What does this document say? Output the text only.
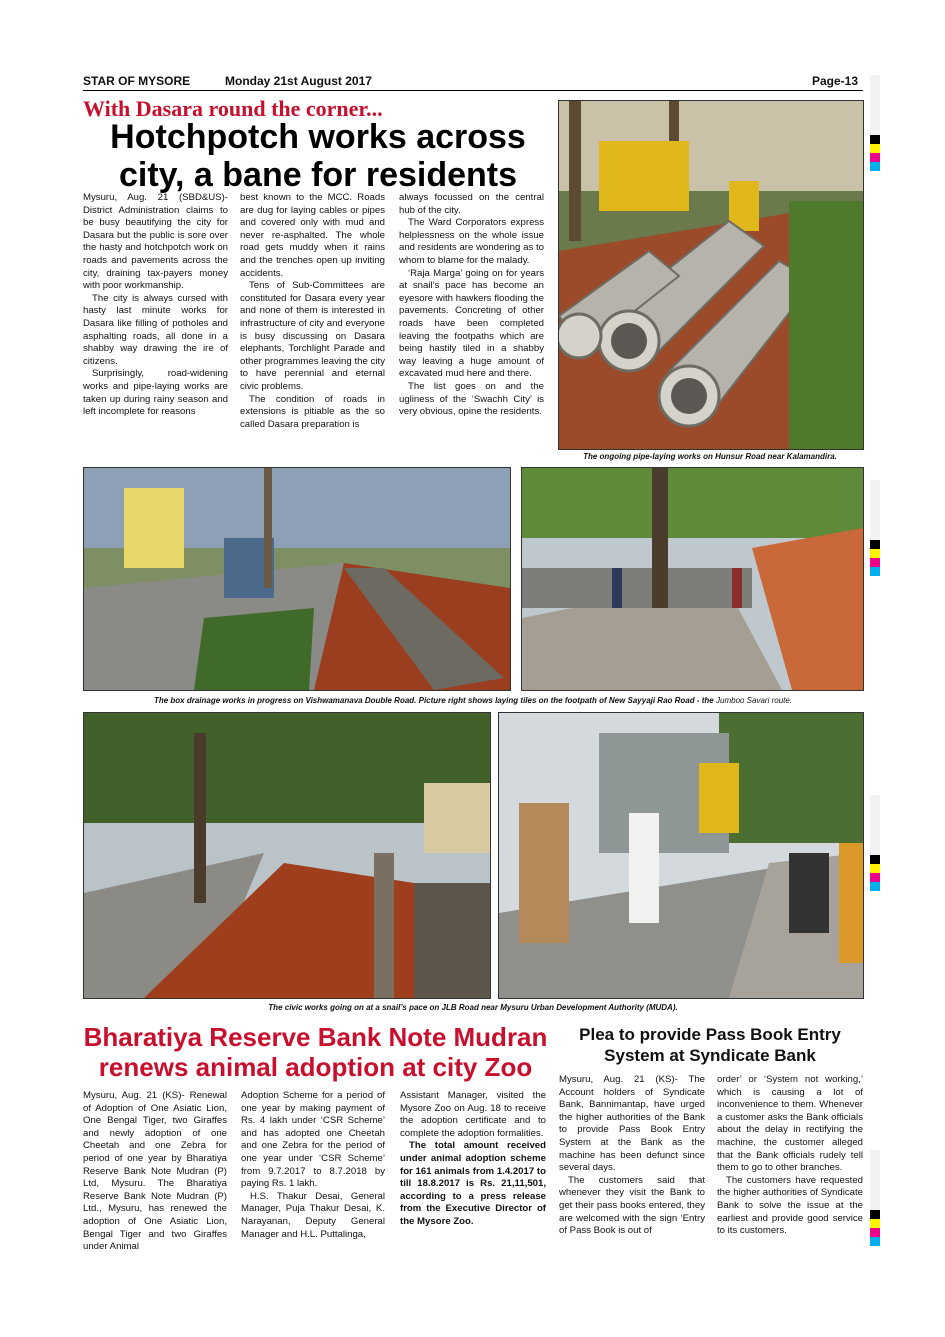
STAR OF MYSORE	Monday 21st August 2017	Page-13
With Dasara round the corner...
Hotchpotch works across
city, a bane for residents

Mysuru, Aug. 21 (SBD&US)- District Administration claims to be busy beautifying the city for Dasara but the public is sore over the hasty and hotchpotch work on roads and pavements across the city, draining tax-payers money with poor workmanship.

The city is always cursed with hasty last minute works for Dasara like filling of potholes and asphalting roads, all done in a shabby way drawing the ire of citizens.

Surprisingly, road-widening works and pipe-laying works are taken up during rainy season and left incomplete for reasons

best known to the MCC. Roads are dug for laying cables or pipes and covered only with mud and never re-asphalted. The whole road gets muddy when it rains and the trenches open up inviting accidents.

Tens of Sub-Committees are constituted for Dasara every year and none of them is interested in infrastructure of city and everyone is busy discussing on Dasara elephants, Torchlight Parade and other programmes leaving the city to have perennial and eternal civic problems.

The condition of roads in extensions is pitiable as the so called Dasara preparation is

always focussed on the central hub of the city.

The Ward Corporators express helplessness on the whole issue and residents are wondering as to whom to blame for the malady.

‘Raja Marga’ going on for years at snail’s pace has become an eyesore with hawkers flooding the pavements. Concreting of other roads have been completed leaving the footpaths which are being hastily tiled in a shabby way leaving a huge amount of excavated mud here and there.

The list goes on and the ugliness of the ‘Swachh City’ is very obvious, opine the residents.

The ongoing pipe-laying works on Hunsur Road near Kalamandira.
The box drainage works in progress on Vishwamanava Double Road. Picture right shows laying tiles on the footpath of New Sayyaji Rao Road - the Jumboo Savari route.
The civic works going on at a snail’s pace on JLB Road near Mysuru Urban Development Authority (MUDA).
Bharatiya Reserve Bank Note Mudran
renews animal adoption at city Zoo

Mysuru, Aug. 21 (KS)- Renewal of Adoption of One Asiatic Lion, One Bengal Tiger, two Giraffes and newly adoption of one Cheetah and one Zebra for period of one year by Bharatiya Reserve Bank Note Mudran (P) Ltd, Mysuru. The Bharatiya Reserve Bank Note Mudran (P) Ltd., Mysuru, has renewed the adoption of One Asiatic Lion, Bengal Tiger and two Giraffes under Animal

Adoption Scheme for a period of one year by making payment of Rs. 4 lakh under ‘CSR Scheme’ and has adopted one Cheetah and one Zebra for the period of one year under ‘CSR Scheme’ from 9.7.2017 to 8.7.2018 by paying Rs. 1 lakh.

H.S. Thakur Desai, General Manager, Puja Thakur Desai, K. Narayanan, Deputy General Manager and H.L. Puttalinga,

Assistant Manager, visited the Mysore Zoo on Aug. 18 to receive the adoption certificate and to complete the adoption formalities.

The total amount received under animal adoption scheme for 161 animals from 1.4.2017 to till 18.8.2017 is Rs. 21,11,501, according to a press release from the Executive Director of the Mysore Zoo.

Plea to provide Pass Book Entry
System at Syndicate Bank

Mysuru, Aug. 21 (KS)- The Account holders of Syndicate Bank, Bannimantap, have urged the higher authorities of the Bank to provide Pass Book Entry System at the Bank as the machine has been defunct since several days.

The customers said that whenever they visit the Bank to get their pass books entered, they are welcomed with the sign ‘Entry of Pass Book is out of

order’ or ‘System not working,’ which is causing a lot of inconvenience to them. Whenever a customer asks the Bank officials about the delay in rectifying the machine, the customer alleged that the Bank officials rudely tell them to go to other branches.

The customers have requested the higher authorities of Syndicate Bank to solve the issue at the earliest and provide good service to its customers.
